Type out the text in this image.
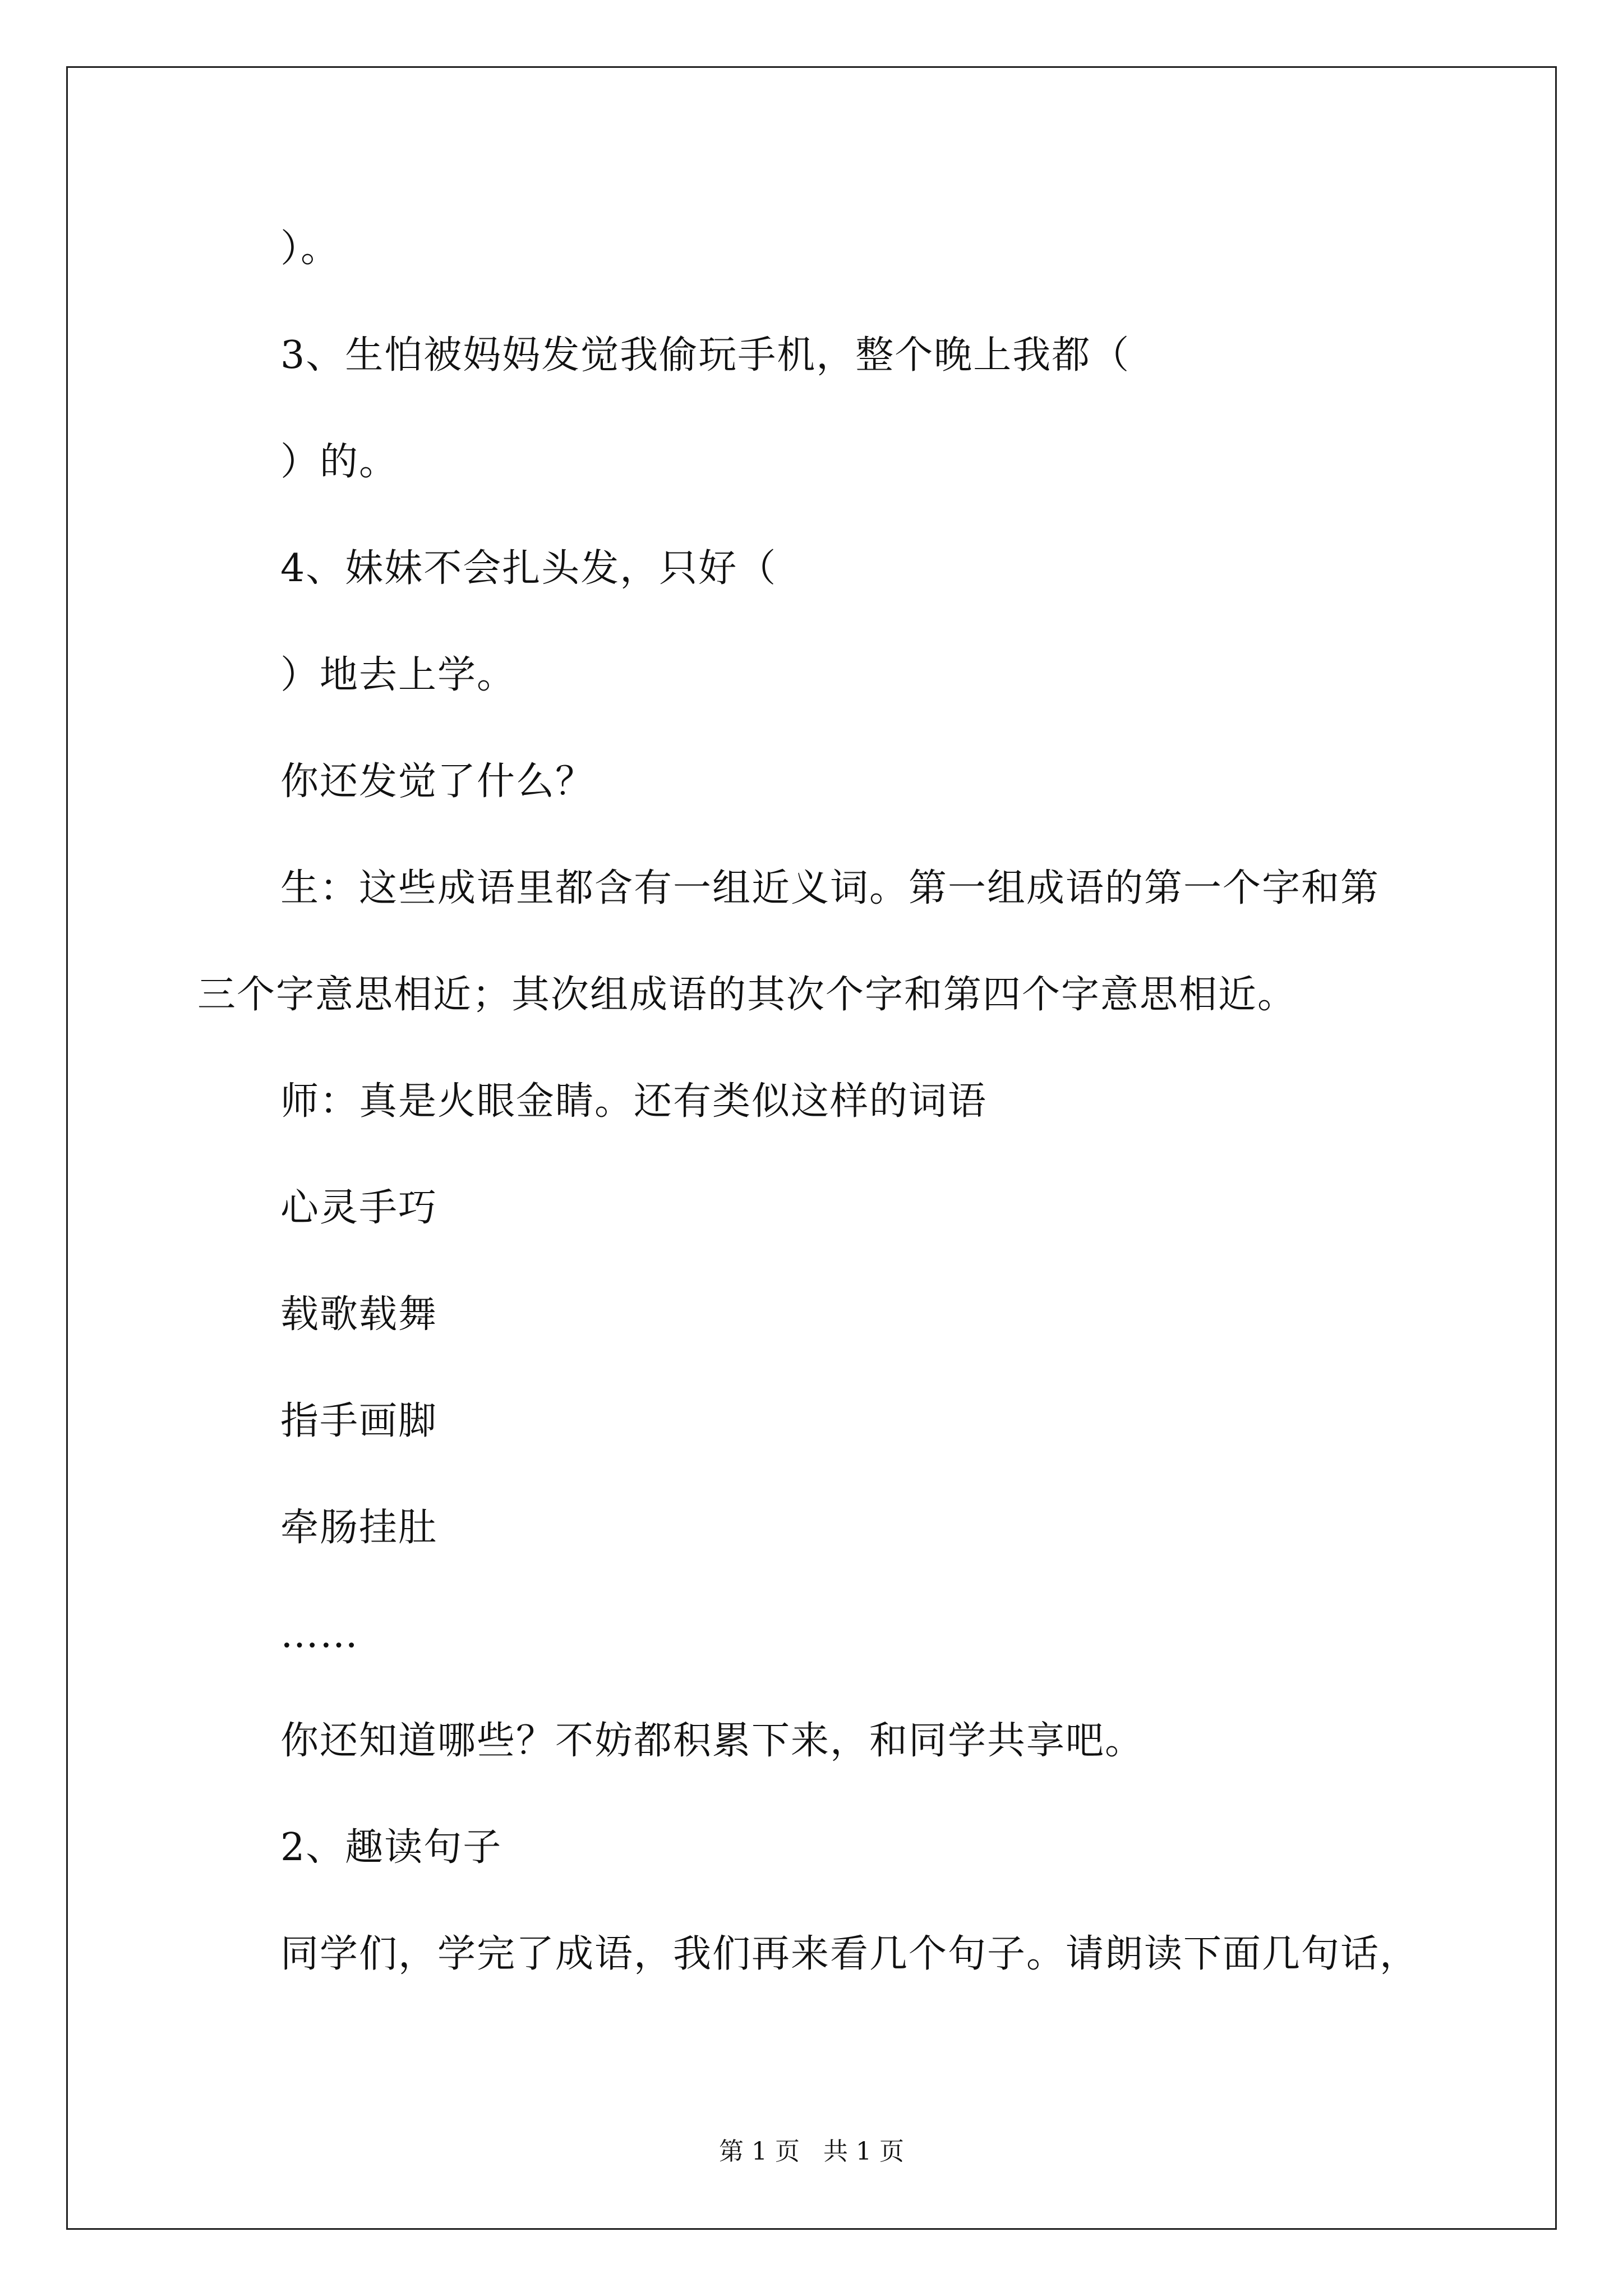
）。
3、生怕被妈妈发觉我偷玩手机，整个晚上我都（
）的。
4、妹妹不会扎头发，只好（
）地去上学。
你还发觉了什么？
生：这些成语里都含有一组近义词。第一组成语的第一个字和第
三个字意思相近；其次组成语的其次个字和第四个字意思相近。
师：真是火眼金睛。还有类似这样的词语
心灵手巧
载歌载舞
指手画脚
牵肠挂肚
……
你还知道哪些？不妨都积累下来，和同学共享吧。
2、趣读句子
同学们，学完了成语，我们再来看几个句子。请朗读下面几句话，
第 1 页   共 1 页
